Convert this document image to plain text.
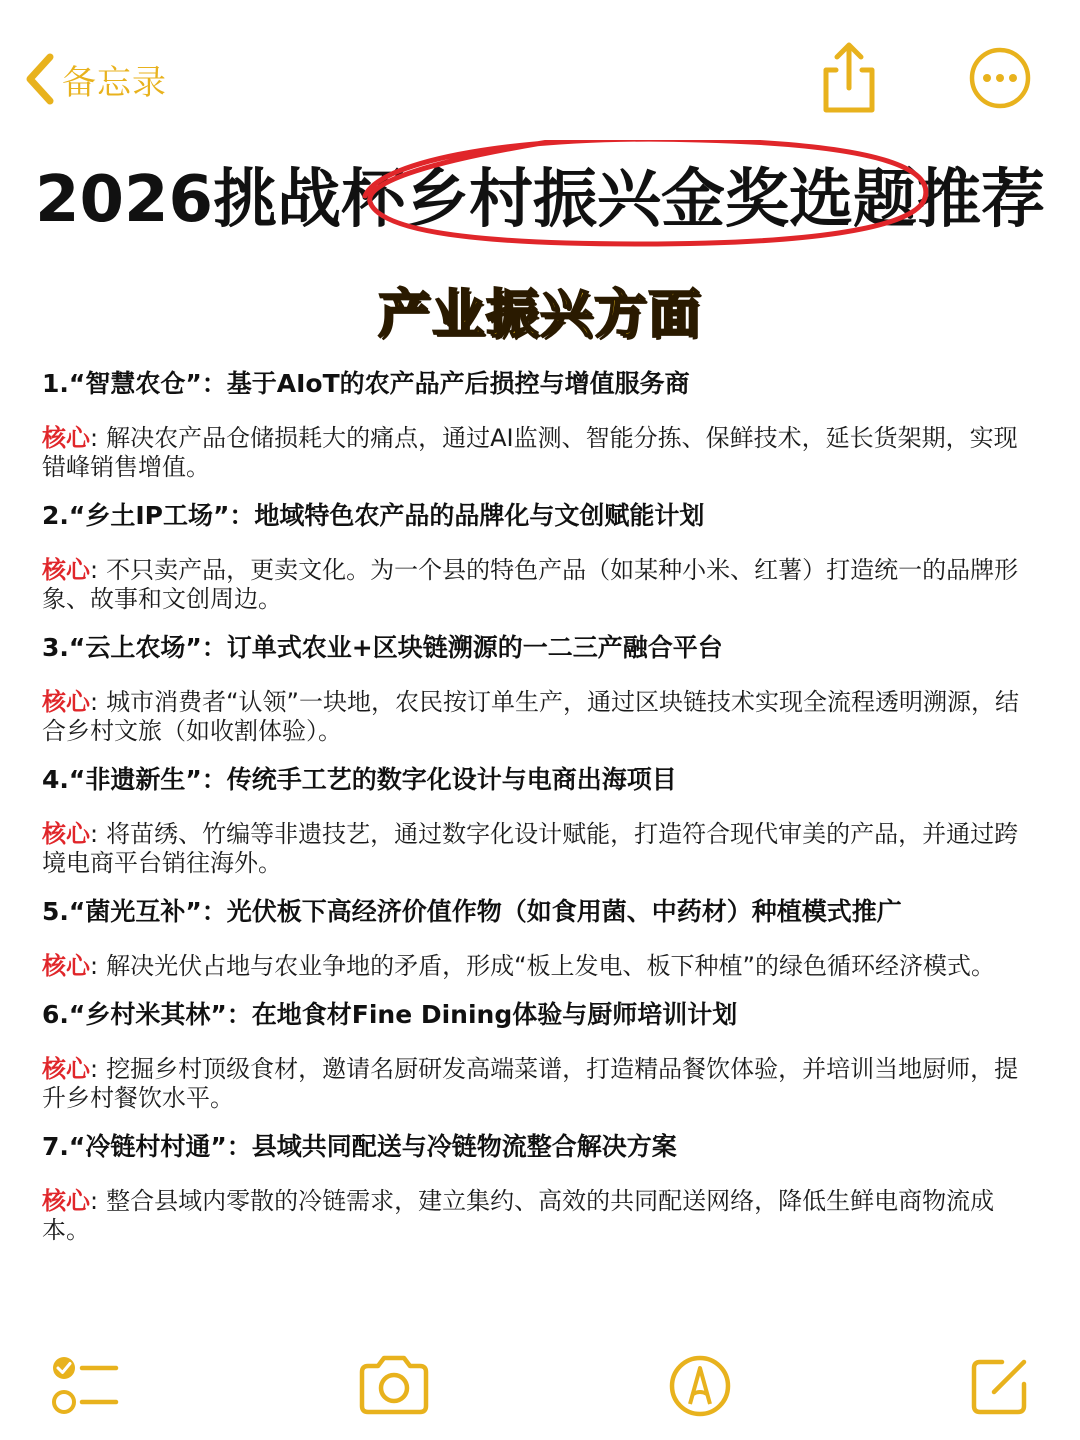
备忘录
2026挑战杯乡村振兴金奖选题推荐
产业振兴方面
1.“智慧农仓”：基于AIoT的农产品产后损控与增值服务商
核心: 解决农产品仓储损耗大的痛点，通过AI监测、智能分拣、保鲜技术，延长货架期，实现错峰销售增值。
2.“乡土IP工场”：地域特色农产品的品牌化与文创赋能计划
核心: 不只卖产品，更卖文化。为一个县的特色产品（如某种小米、红薯）打造统一的品牌形象、故事和文创周边。
3.“云上农场”：订单式农业+区块链溯源的一二三产融合平台
核心: 城市消费者“认领”一块地，农民按订单生产，通过区块链技术实现全流程透明溯源，结合乡村文旅（如收割体验）。
4.“非遗新生”：传统手工艺的数字化设计与电商出海项目
核心: 将苗绣、竹编等非遗技艺，通过数字化设计赋能，打造符合现代审美的产品，并通过跨境电商平台销往海外。
5.“菌光互补”：光伏板下高经济价值作物（如食用菌、中药材）种植模式推广
核心: 解决光伏占地与农业争地的矛盾，形成“板上发电、板下种植”的绿色循环经济模式。
6.“乡村米其林”：在地食材Fine Dining体验与厨师培训计划
核心: 挖掘乡村顶级食材，邀请名厨研发高端菜谱，打造精品餐饮体验，并培训当地厨师，提升乡村餐饮水平。
7.“冷链村村通”：县域共同配送与冷链物流整合解决方案
核心: 整合县域内零散的冷链需求，建立集约、高效的共同配送网络，降低生鲜电商物流成本。
